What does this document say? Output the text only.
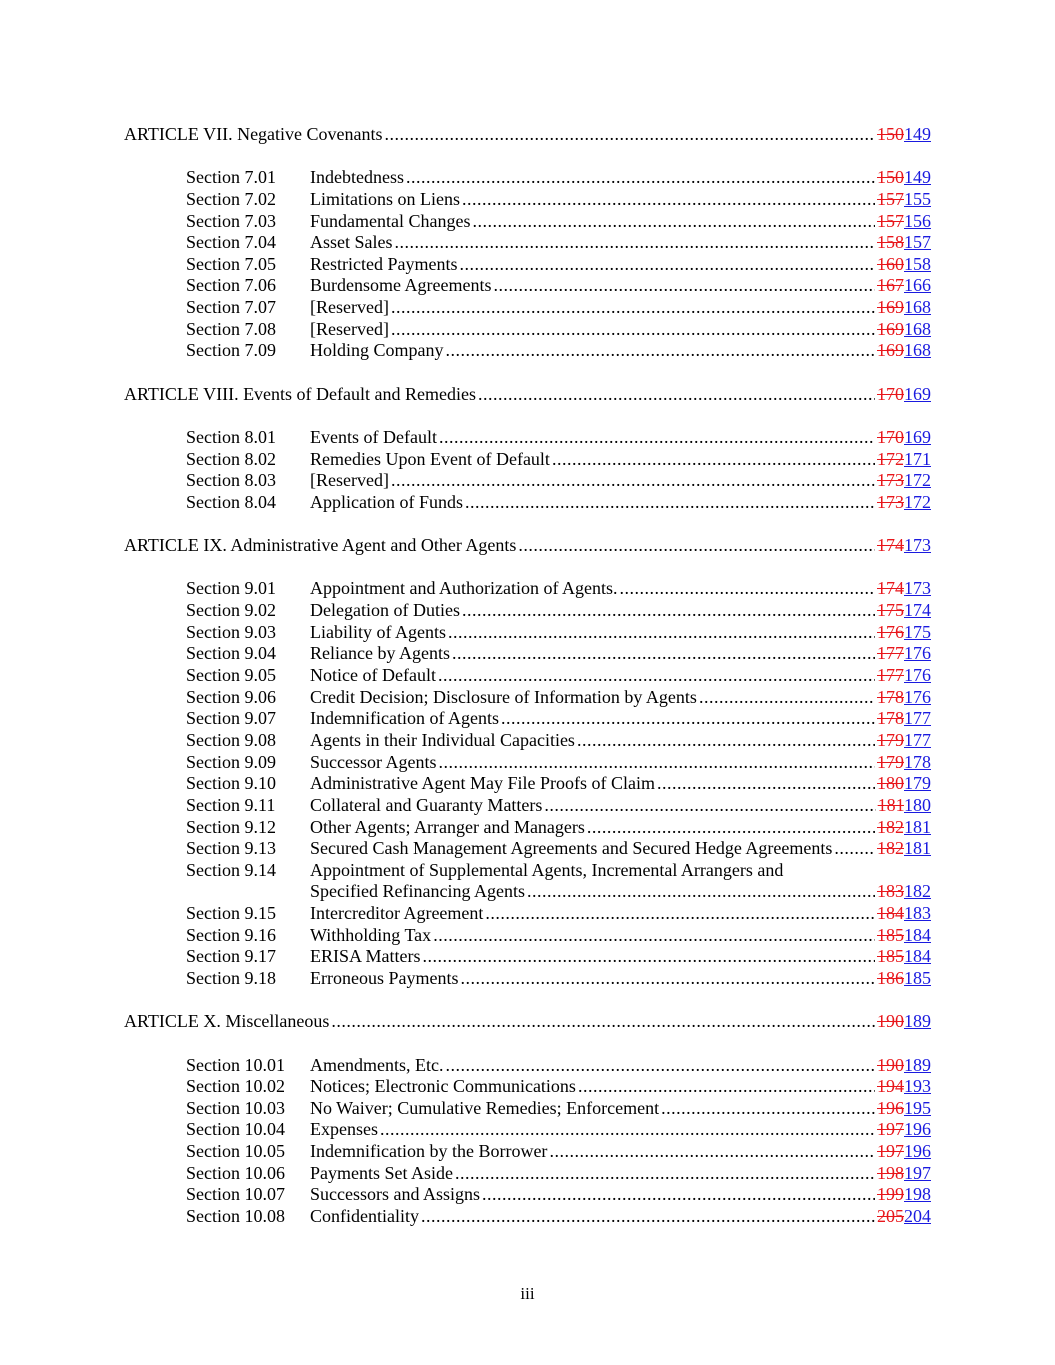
ARTICLE VII. Negative Covenants .....	150149
Section 7.01	Indebtedness .....	150149
Section 7.02	Limitations on Liens .....	157155
Section 7.03	Fundamental Changes .....	157156
Section 7.04	Asset Sales .....	158157
Section 7.05	Restricted Payments .....	160158
Section 7.06	Burdensome Agreements .....	167166
Section 7.07	[Reserved] .....	169168
Section 7.08	[Reserved] .....	169168
Section 7.09	Holding Company .....	169168
ARTICLE VIII. Events of Default and Remedies .....	170169
Section 8.01	Events of Default .....	170169
Section 8.02	Remedies Upon Event of Default .....	172171
Section 8.03	[Reserved] .....	173172
Section 8.04	Application of Funds .....	173172
ARTICLE IX. Administrative Agent and Other Agents .....	174173
Section 9.01	Appointment and Authorization of Agents. .....	174173
Section 9.02	Delegation of Duties .....	175174
Section 9.03	Liability of Agents .....	176175
Section 9.04	Reliance by Agents .....	177176
Section 9.05	Notice of Default .....	177176
Section 9.06	Credit Decision; Disclosure of Information by Agents .....	178176
Section 9.07	Indemnification of Agents .....	178177
Section 9.08	Agents in their Individual Capacities .....	179177
Section 9.09	Successor Agents .....	179178
Section 9.10	Administrative Agent May File Proofs of Claim .....	180179
Section 9.11	Collateral and Guaranty Matters .....	181180
Section 9.12	Other Agents; Arranger and Managers .....	182181
Section 9.13	Secured Cash Management Agreements and Secured Hedge Agreements ..... 182181
Section 9.14	Appointment of Supplemental Agents, Incremental Arrangers and
Specified Refinancing Agents .....	183182
Section 9.15	Intercreditor Agreement .....	184183
Section 9.16	Withholding Tax .....	185184
Section 9.17	ERISA Matters .....	185184
Section 9.18	Erroneous Payments .....	186185
ARTICLE X. Miscellaneous .....	190189
Section 10.01	Amendments, Etc. .....	190189
Section 10.02	Notices; Electronic Communications .....	194193
Section 10.03	No Waiver; Cumulative Remedies; Enforcement .....	196195
Section 10.04	Expenses .....	197196
Section 10.05	Indemnification by the Borrower .....	197196
Section 10.06	Payments Set Aside .....	198197
Section 10.07	Successors and Assigns .....	199198
Section 10.08	Confidentiality .....	205204
iii
